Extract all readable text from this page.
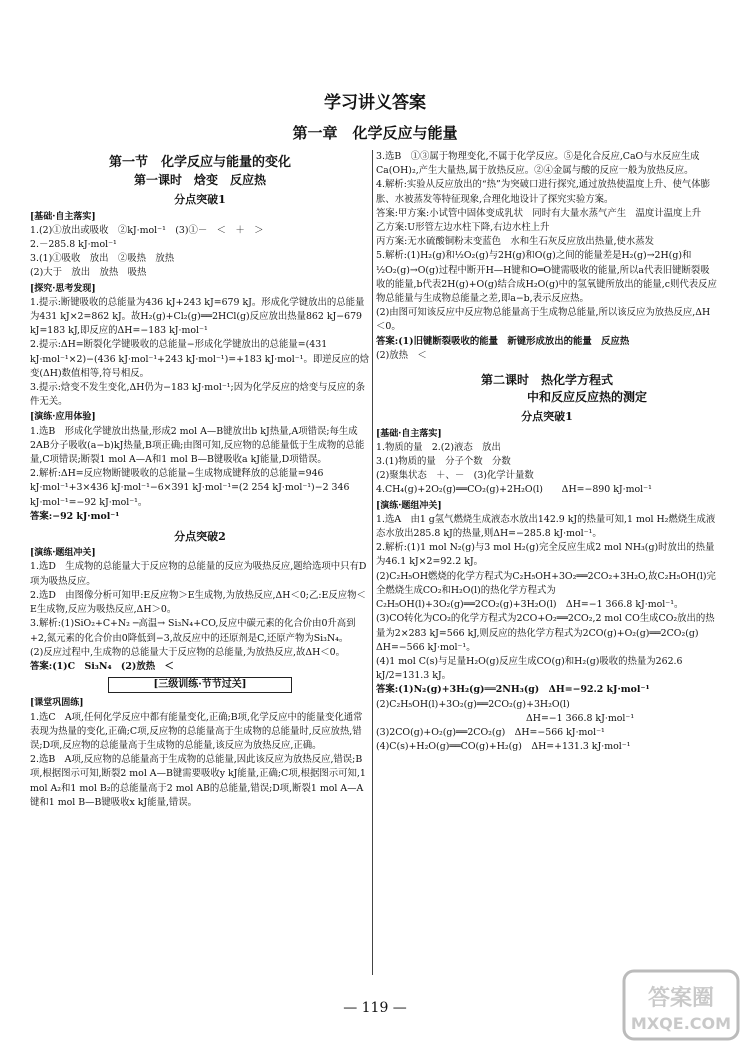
学习讲义答案
第一章　化学反应与能量
第一节　化学反应与能量的变化
第一课时　焓变　反应热
分点突破1
[基础·自主落实]
1.(2)①放出或吸收　②kJ·mol⁻¹　(3)①－　＜　＋　＞
2.－285.8 kJ·mol⁻¹
3.(1)①吸收　放出　②吸热　放热
(2)大于　放出　放热　吸热
[探究·思考发现]
1.提示:断键吸收的总能量为436 kJ+243 kJ=679 kJ。形成化学键放出的总能量为431 kJ×2=862 kJ。故H₂(g)+Cl₂(g)══2HCl(g)反应放出热量862 kJ−679 kJ=183 kJ,即反应的ΔH=−183 kJ·mol⁻¹
2.提示:ΔH=断裂化学键吸收的总能量−形成化学键放出的总能量=(431 kJ·mol⁻¹×2)−(436 kJ·mol⁻¹+243 kJ·mol⁻¹)=+183 kJ·mol⁻¹。即逆反应的焓变(ΔH)数值相等,符号相反。
3.提示:焓变不发生变化,ΔH仍为−183 kJ·mol⁻¹;因为化学反应的焓变与反应的条件无关。
[演练·应用体验]
1.选B　形成化学键放出热量,形成2 mol A—B键放出b kJ热量,A项错误;每生成2AB分子吸收(a−b)kJ热量,B项正确;由图可知,反应物的总能量低于生成物的总能量,C项错误;断裂1 mol A—A和1 mol B—B键吸收a kJ能量,D项错误。
2.解析:ΔH=反应物断键吸收的总能量−生成物成键释放的总能量=946 kJ·mol⁻¹+3×436 kJ·mol⁻¹−6×391 kJ·mol⁻¹=(2 254 kJ·mol⁻¹)−2 346 kJ·mol⁻¹=−92 kJ·mol⁻¹。
答案:−92 kJ·mol⁻¹
分点突破2
[演练·题组冲关]
1.选D　生成物的总能量大于反应物的总能量的反应为吸热反应,题给选项中只有D项为吸热反应。
2.选D　由图像分析可知甲:E反应物＞E生成物,为放热反应,ΔH＜0;乙:E反应物＜E生成物,反应为吸热反应,ΔH＞0。
3.解析:(1)SiO₂+C+N₂ ─高温→ Si₃N₄+CO,反应中碳元素的化合价由0升高到+2,氮元素的化合价由0降低到−3,故反应中的还原剂是C,还原产物为Si₃N₄。
(2)反应过程中,生成物的总能量大于反应物的总能量,为放热反应,故ΔH＜0。
答案:(1)C　Si₃N₄　(2)放热　＜
[三级训练·节节过关]
[课堂巩固练]
1.选C　A项,任何化学反应中都有能量变化,正确;B项,化学反应中的能量变化通常表现为热量的变化,正确;C项,反应物的总能量高于生成物的总能量时,反应放热,错误;D项,反应物的总能量高于生成物的总能量,该反应为放热反应,正确。
2.选B　A项,反应物的总能量高于生成物的总能量,因此该反应为放热反应,错误;B项,根据图示可知,断裂2 mol A—B键需要吸收y kJ能量,正确;C项,根据图示可知,1 mol A₂和1 mol B₂的总能量高于2 mol AB的总能量,错误;D项,断裂1 mol A—A键和1 mol B—B键吸收x kJ能量,错误。
3.选B　①③属于物理变化,不属于化学反应。⑤是化合反应,CaO与水反应生成Ca(OH)₂,产生大量热,属于放热反应。②④金属与酸的反应一般为放热反应。
4.解析:实验从反应放出的“热”为突破口进行探究,通过放热使温度上升、使气体膨胀、水被蒸发等特征现象,合理化地设计了探究实验方案。
答案:甲方案:小试管中固体变成乳状　同时有大量水蒸气产生　温度计温度上升
乙方案:U形管左边水柱下降,右边水柱上升
丙方案:无水硫酸铜粉末变蓝色　水和生石灰反应放出热量,使水蒸发
5.解析:(1)H₂(g)和½O₂(g)与2H(g)和O(g)之间的能量差是H₂(g)→2H(g)和½O₂(g)→O(g)过程中断开H—H键和O═O键需吸收的能量,所以a代表旧键断裂吸收的能量,b代表2H(g)+O(g)结合成H₂O(g)中的氢氧键所放出的能量,c则代表反应物总能量与生成物总能量之差,即a−b,表示反应热。
(2)由图可知该反应中反应物总能量高于生成物总能量,所以该反应为放热反应,ΔH＜0。
答案:(1)旧键断裂吸收的能量　新键形成放出的能量　反应热
(2)放热　＜
第二课时　热化学方程式
中和反应反应热的测定
分点突破1
[基础·自主落实]
1.物质的量　2.(2)液态　放出
3.(1)物质的量　分子个数　分数
(2)聚集状态　＋、－　(3)化学计量数
4.CH₄(g)+2O₂(g)══CO₂(g)+2H₂O(l)　　ΔH=−890 kJ·mol⁻¹
[演练·题组冲关]
1.选A　由1 g氢气燃烧生成液态水放出142.9 kJ的热量可知,1 mol H₂燃烧生成液态水放出285.8 kJ的热量,则ΔH=−285.8 kJ·mol⁻¹。
2.解析:(1)1 mol N₂(g)与3 mol H₂(g)完全反应生成2 mol NH₃(g)时放出的热量为46.1 kJ×2=92.2 kJ。
(2)C₂H₅OH燃烧的化学方程式为C₂H₅OH+3O₂══2CO₂+3H₂O,故C₂H₅OH(l)完全燃烧生成CO₂和H₂O(l)的热化学方程式为C₂H₅OH(l)+3O₂(g)══2CO₂(g)+3H₂O(l)　ΔH=−1 366.8 kJ·mol⁻¹。
(3)CO转化为CO₂的化学方程式为2CO+O₂══2CO₂,2 mol CO生成CO₂放出的热量为2×283 kJ=566 kJ,则反应的热化学方程式为2CO(g)+O₂(g)══2CO₂(g)　ΔH=−566 kJ·mol⁻¹。
(4)1 mol C(s)与足量H₂O(g)反应生成CO(g)和H₂(g)吸收的热量为262.6 kJ/2=131.3 kJ。
答案:(1)N₂(g)+3H₂(g)══2NH₃(g)　ΔH=−92.2 kJ·mol⁻¹
(2)C₂H₅OH(l)+3O₂(g)══2CO₂(g)+3H₂O(l)
ΔH=−1 366.8 kJ·mol⁻¹
(3)2CO(g)+O₂(g)══2CO₂(g)　ΔH=−566 kJ·mol⁻¹
(4)C(s)+H₂O(g)══CO(g)+H₂(g)　ΔH=+131.3 kJ·mol⁻¹
— 119 —	答案圈
MXQE.COM
